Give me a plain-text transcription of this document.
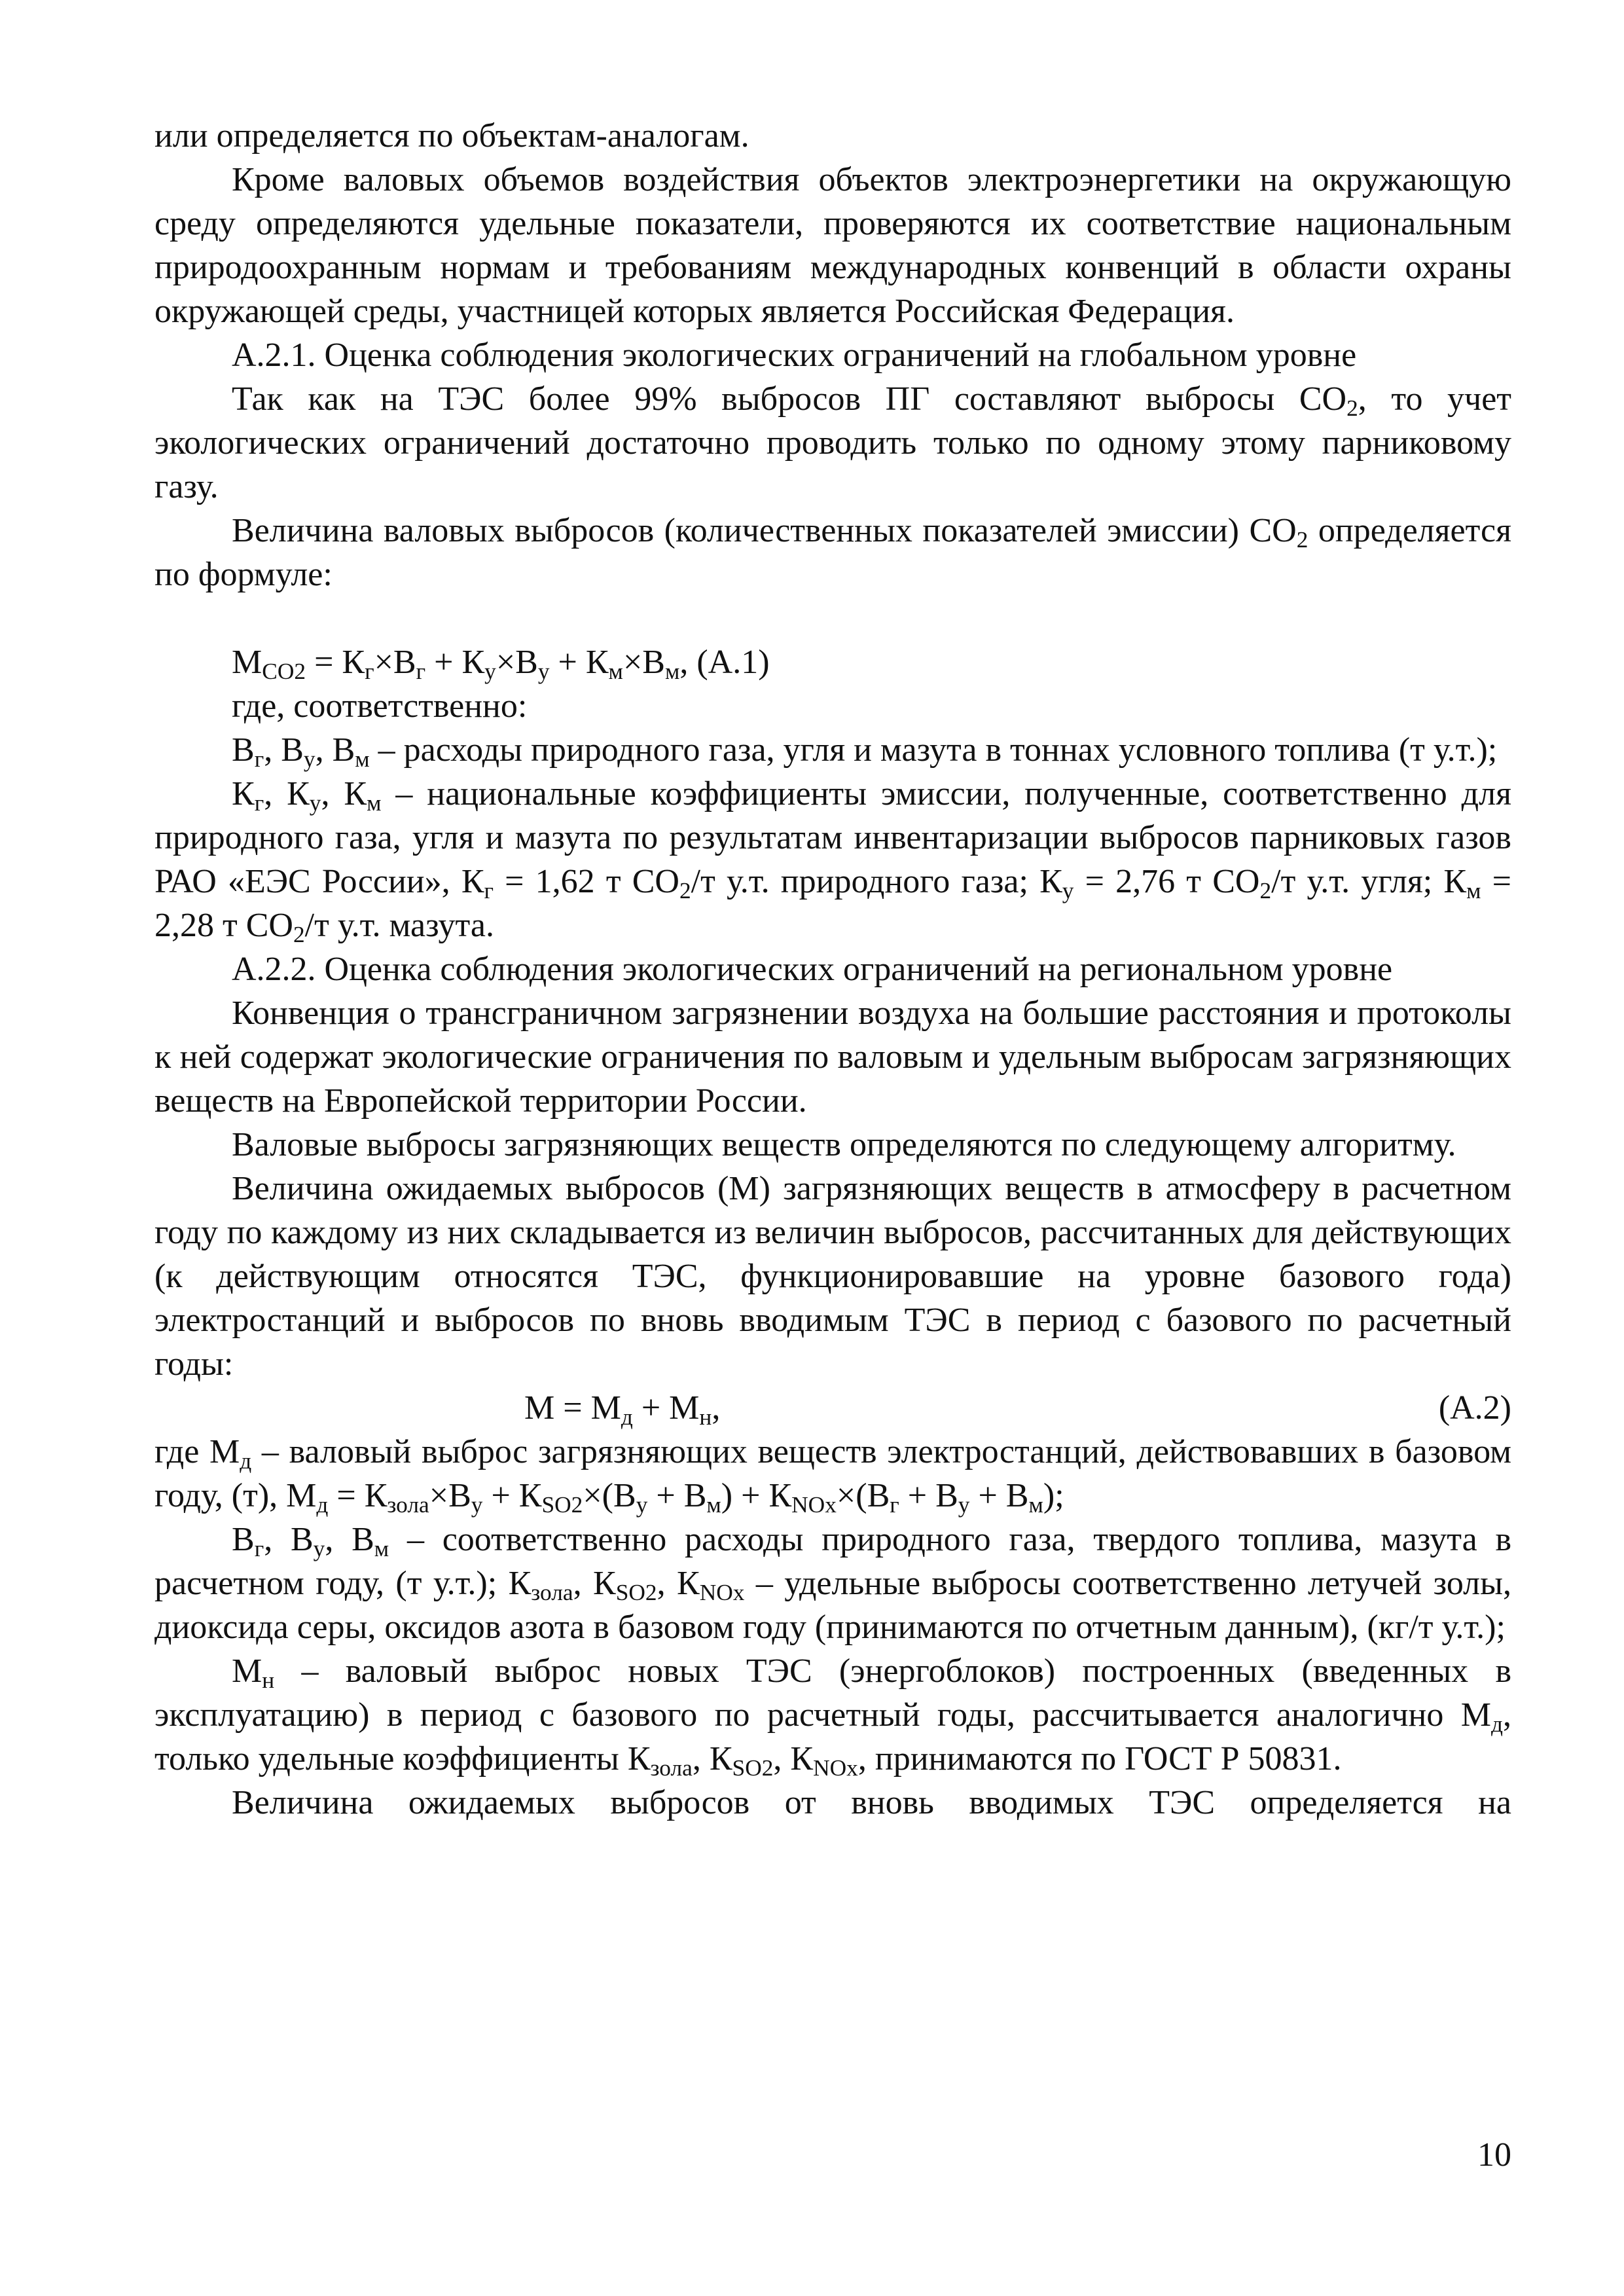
или определяется по объектам-аналогам.

Кроме валовых объемов воздействия объектов электроэнергетики на окружающую среду определяются удельные показатели, проверяются их соответствие национальным природоохранным нормам и требованиям международных конвенций в области охраны окружающей среды, участницей которых является Российская Федерация.

А.2.1. Оценка соблюдения экологических ограничений на глобальном уровне

Так как на ТЭС более 99% выбросов ПГ составляют выбросы $СО_2$, то учет экологических ограничений достаточно проводить только по одному этому парниковому газу.

Величина валовых выбросов (количественных показателей эмиссии) $СО_2$ определяется по формуле:

$М_{СО2} = К_г\times В_г + К_у\times В_у + К_м\times В_м$, (А.1)

где, соответственно:

$В_г$, $В_у$, $В_м$ – расходы природного газа, угля и мазута в тоннах условного топлива (т у.т.);

$К_г$, $К_у$, $К_м$ – национальные коэффициенты эмиссии, полученные, соответственно для природного газа, угля и мазута по результатам инвентаризации выбросов парниковых газов РАО «ЕЭС России», $К_г = 1,62$ т $СО_2/т$ у.т. природного газа; $К_у = 2,76$ т $СО_2/т$ у.т. угля; $К_м = 2,28$ т $СО_2/т$ у.т. мазута.

А.2.2. Оценка соблюдения экологических ограничений на региональном уровне

Конвенция о трансграничном загрязнении воздуха на большие расстояния и протоколы к ней содержат экологические ограничения по валовым и удельным выбросам загрязняющих веществ на Европейской территории России.

Валовые выбросы загрязняющих веществ определяются по следующему алгоритму.

Величина ожидаемых выбросов (М) загрязняющих веществ в атмосферу в расчетном году по каждому из них складывается из величин выбросов, рассчитанных для действующих (к действующим относятся ТЭС, функционировавшие на уровне базового года) электростанций и выбросов по вновь вводимым ТЭС в период с базового по расчетный годы:

$М = М_д + М_н$,	(А.2)

где $М_д$ – валовый выброс загрязняющих веществ электростанций, действовавших в базовом году, (т), $М_д = К_{зола}\times В_у + К_{SO2}\times(В_у + В_м) + К_{NOx}\times(В_г + В_у + В_м)$;

$В_г$, $В_у$, $В_м$ – соответственно расходы природного газа, твердого топлива, мазута в расчетном году, (т у.т.); $К_{зола}$, $К_{SO2}$, $К_{NOx}$ – удельные выбросы соответственно летучей золы, диоксида серы, оксидов азота в базовом году (принимаются по отчетным данным), (кг/т у.т.);

$М_н$ – валовый выброс новых ТЭС (энергоблоков) построенных (введенных в эксплуатацию) в период с базового по расчетный годы, рассчитывается аналогично $М_д$, только удельные коэффициенты $К_{зола}$, $К_{SO2}$, $К_{NOx}$, принимаются по ГОСТ Р 50831.

Величина ожидаемых выбросов от вновь вводимых ТЭС определяется на

10
